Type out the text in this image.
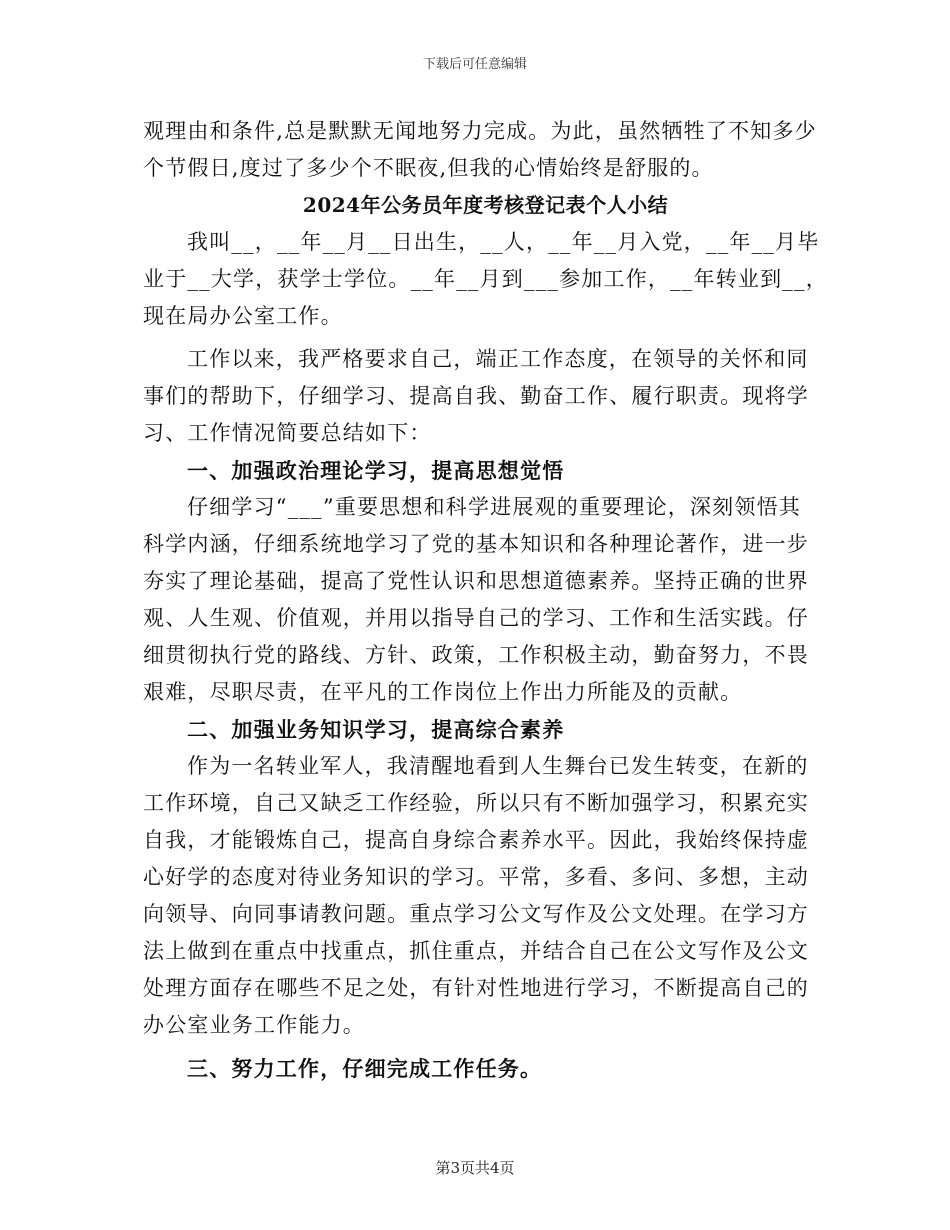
下载后可任意编辑
观理由和条件,总是默默无闻地努力完成。为此，虽然牺牲了不知多少
个节假日,度过了多少个不眠夜,但我的心情始终是舒服的。
2024年公务员年度考核登记表个人小结
我叫__，__年__月__日出生，__人，__年__月入党，__年__月毕
业于__大学，获学士学位。__年__月到___参加工作，__年转业到__，
现在局办公室工作。
工作以来，我严格要求自己，端正工作态度，在领导的关怀和同
事们的帮助下，仔细学习、提高自我、勤奋工作、履行职责。现将学
习、工作情况简要总结如下：
一、加强政治理论学习，提高思想觉悟
仔细学习“___”重要思想和科学进展观的重要理论，深刻领悟其
科学内涵，仔细系统地学习了党的基本知识和各种理论著作，进一步
夯实了理论基础，提高了党性认识和思想道德素养。坚持正确的世界
观、人生观、价值观，并用以指导自己的学习、工作和生活实践。仔
细贯彻执行党的路线、方针、政策，工作积极主动，勤奋努力，不畏
艰难，尽职尽责，在平凡的工作岗位上作出力所能及的贡献。
二、加强业务知识学习，提高综合素养
作为一名转业军人，我清醒地看到人生舞台已发生转变，在新的
工作环境，自己又缺乏工作经验，所以只有不断加强学习，积累充实
自我，才能锻炼自己，提高自身综合素养水平。因此，我始终保持虚
心好学的态度对待业务知识的学习。平常，多看、多问、多想，主动
向领导、向同事请教问题。重点学习公文写作及公文处理。在学习方
法上做到在重点中找重点，抓住重点，并结合自己在公文写作及公文
处理方面存在哪些不足之处，有针对性地进行学习，不断提高自己的
办公室业务工作能力。
三、努力工作，仔细完成工作任务。
第3页共4页
